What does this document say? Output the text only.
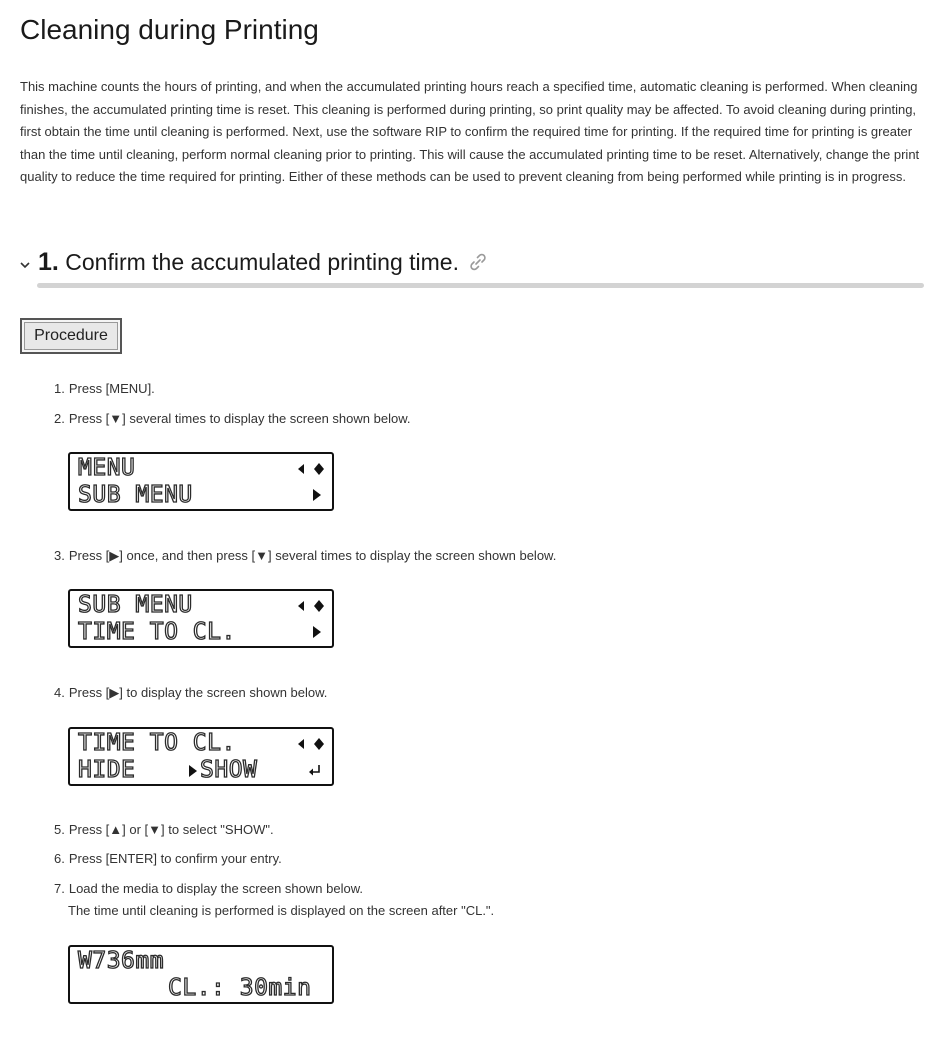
Cleaning during Printing

This machine counts the hours of printing, and when the accumulated printing hours reach a specified time, automatic cleaning is performed. When cleaning finishes, the accumulated printing time is reset. This cleaning is performed during printing, so print quality may be affected. To avoid cleaning during printing, first obtain the time until cleaning is performed. Next, use the software RIP to confirm the required time for printing. If the required time for printing is greater than the time until cleaning, perform normal cleaning prior to printing. This will cause the accumulated printing time to be reset. Alternatively, change the print quality to reduce the time required for printing. Either of these methods can be used to prevent cleaning from being performed while printing is in progress.

1. Confirm the accumulated printing time.
Procedure

1. Press [MENU].

2. Press [▼] several times to display the screen shown below.

MENU
SUB MENU

3. Press [▶] once, and then press [▼] several times to display the screen shown below.

SUB MENU
TIME TO CL.

4. Press [▶] to display the screen shown below.

TIME TO CL.
HIDE	SHOW

5. Press [▲] or [▼] to select "SHOW".

6. Press [ENTER] to confirm your entry.

7. Load the media to display the screen shown below.

The time until cleaning is performed is displayed on the screen after "CL.".

W736mm
CL.: 30min
